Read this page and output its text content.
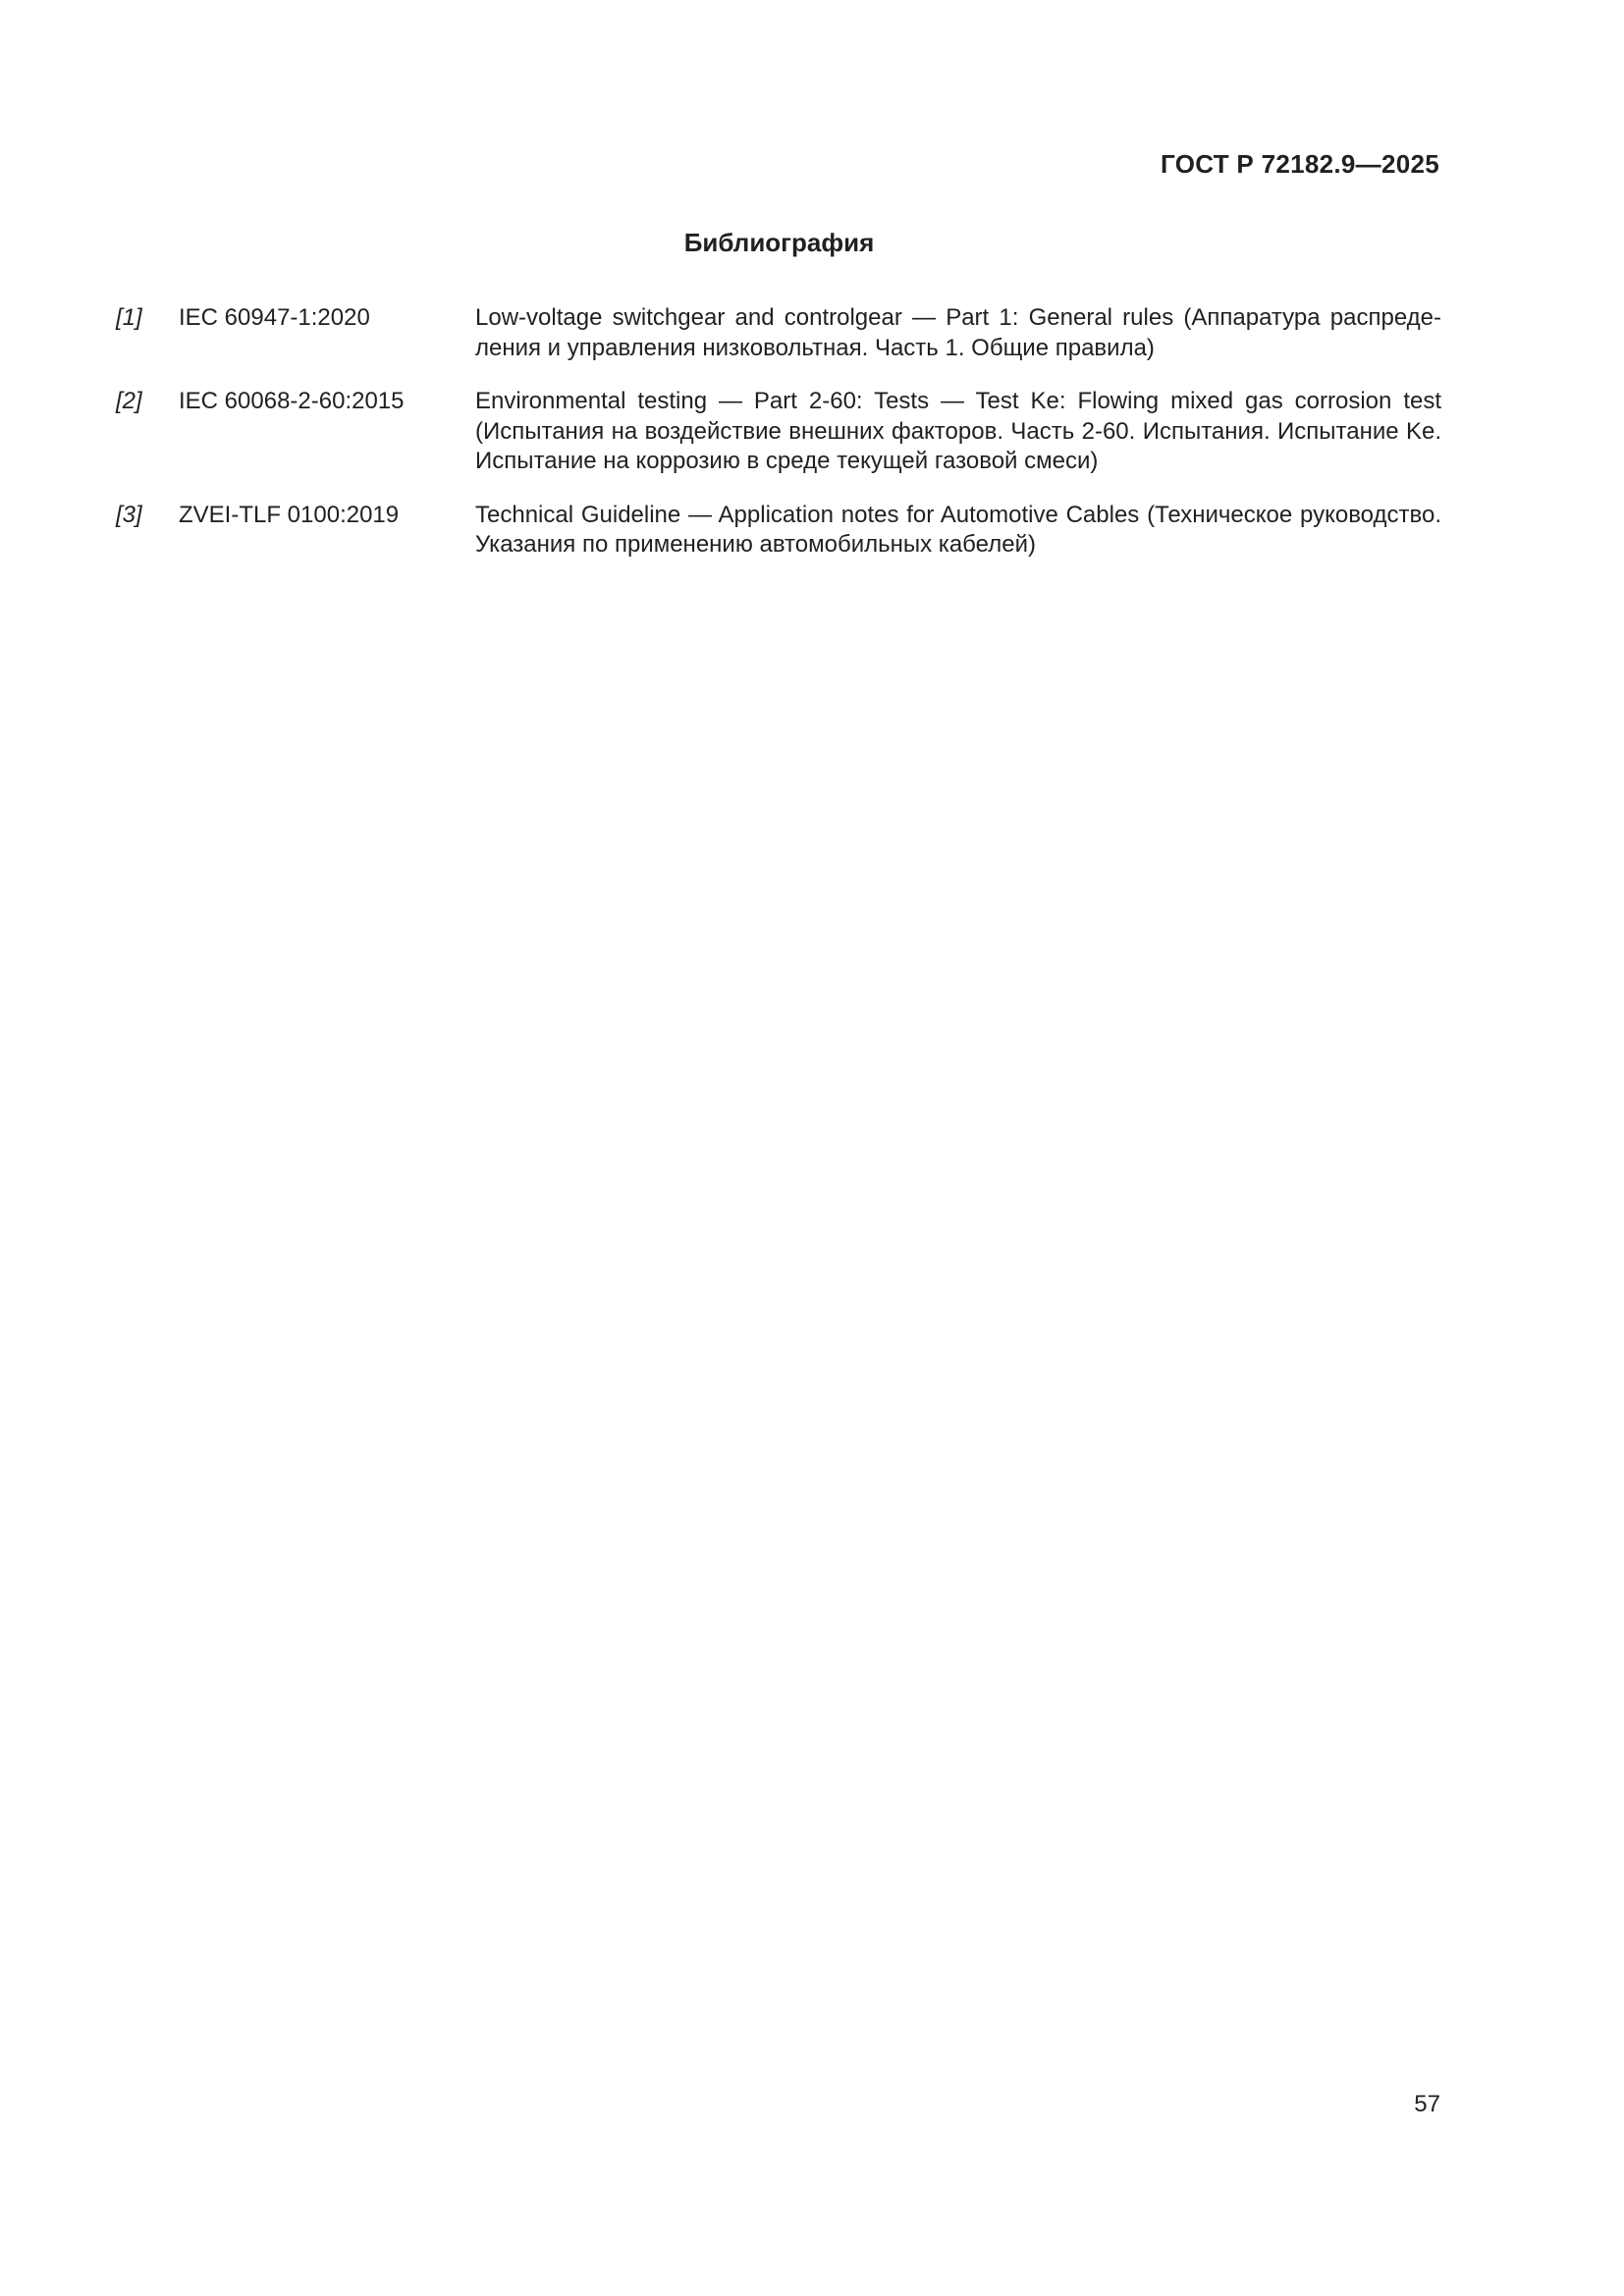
ГОСТ Р 72182.9—2025
Библиография
[1]	IEC 60947-1:2020	Low-voltage switchgear and controlgear — Part 1: General rules (Аппаратура распределения и управления низковольтная. Часть 1. Общие правила)
[2]	IEC 60068-2-60:2015	Environmental testing — Part 2-60: Tests — Test Ke: Flowing mixed gas corrosion test (Испытания на воздействие внешних факторов. Часть 2-60. Испытания. Испытание Ke. Испытание на коррозию в среде текущей газовой смеси)
[3]	ZVEI-TLF 0100:2019	Technical Guideline — Application notes for Automotive Cables (Техническое руководство. Указания по применению автомобильных кабелей)
57
